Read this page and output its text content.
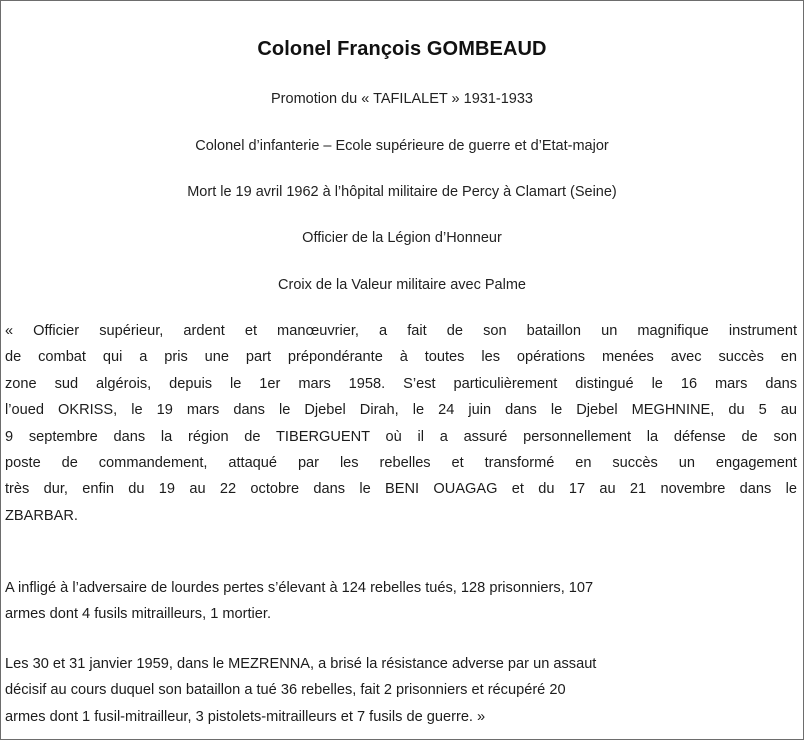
Colonel François GOMBEAUD
Promotion du « TAFILALET » 1931-1933
Colonel d’infanterie – Ecole supérieure de guerre et d’Etat-major
Mort le 19 avril 1962 à l’hôpital militaire de Percy à Clamart (Seine)
Officier de la Légion d’Honneur
Croix de la Valeur militaire avec Palme
« Officier supérieur, ardent et manœuvrier, a fait de son bataillon un magnifique instrument
de combat qui a pris une part prépondérante à toutes les opérations menées avec succès en
zone sud algérois, depuis le 1er mars 1958. S’est particulièrement distingué le 16 mars dans
l’oued OKRISS, le 19 mars dans le Djebel Dirah, le 24 juin dans le Djebel MEGHNINE, du 5 au
9 septembre dans la région de TIBERGUENT où il a assuré personnellement la défense de son
poste de commandement, attaqué par les rebelles et transformé en succès un engagement
très dur, enfin du 19 au 22 octobre dans le BENI OUAGAG et du 17 au 21 novembre dans le
ZBARBAR.
A infligé à l’adversaire de lourdes pertes s’élevant à 124 rebelles tués, 128 prisonniers, 107
armes dont 4 fusils mitrailleurs, 1 mortier.
Les 30 et 31 janvier 1959, dans le MEZRENNA, a brisé la résistance adverse par un assaut
décisif au cours duquel son bataillon a tué 36 rebelles, fait 2 prisonniers et récupéré 20
armes dont 1 fusil-mitrailleur, 3 pistolets-mitrailleurs et 7 fusils de guerre. »
